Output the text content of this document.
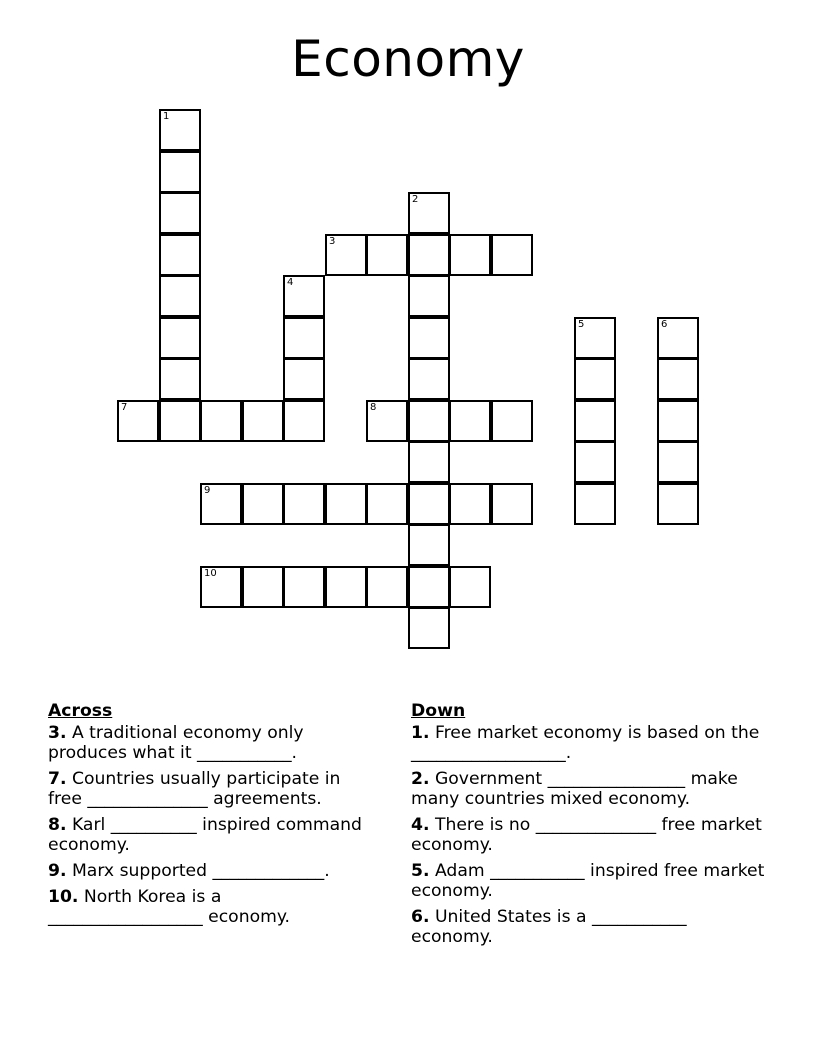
Economy
1
2
3
4
5	6
7	8
9
10
Across
3. A traditional economy only produces what it ___________.
7. Countries usually participate in free ______________ agreements.
8. Karl __________ inspired command economy.
9. Marx supported _____________.
10. North Korea is a __________________ economy.
Down
1. Free market economy is based on the __________________.
2. Government ________________ make many countries mixed economy.
4. There is no ______________ free market economy.
5. Adam ___________ inspired free market economy.
6. United States is a ___________ economy.
